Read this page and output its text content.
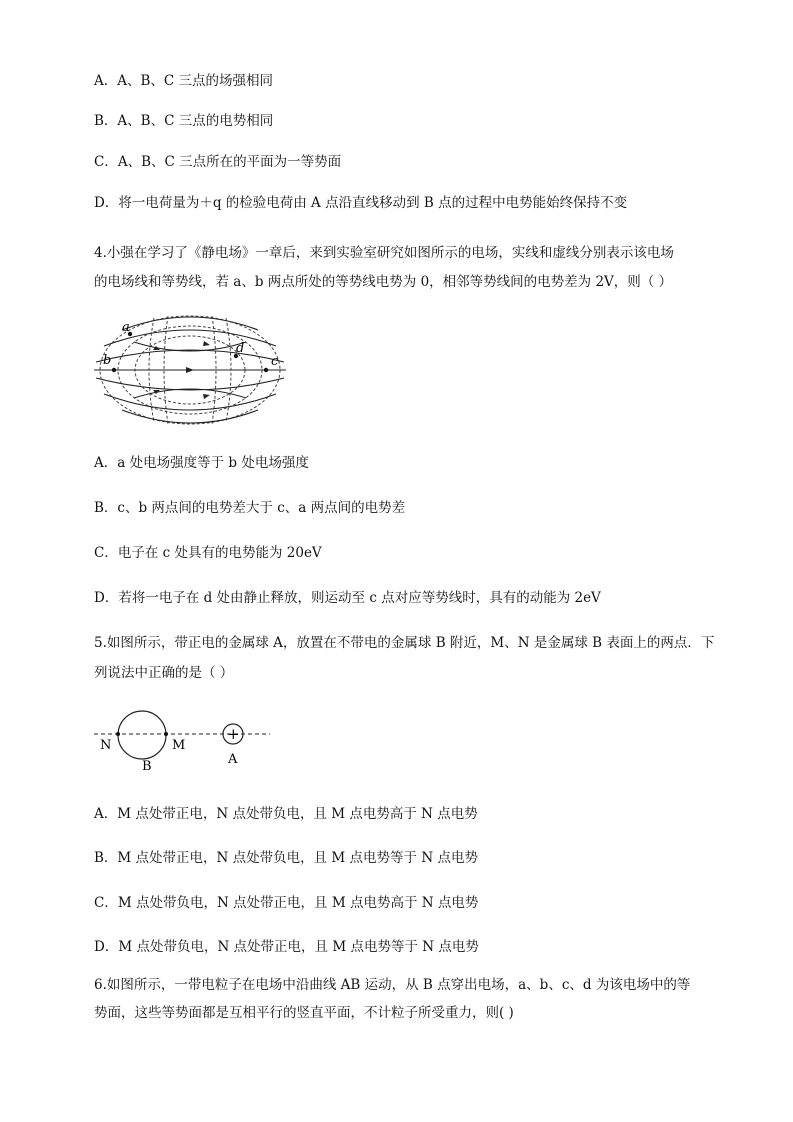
A．A、B、C 三点的场强相同
B．A、B、C 三点的电势相同
C．A、B、C 三点所在的平面为一等势面
D．将一电荷量为＋q 的检验电荷由 A 点沿直线移动到 B 点的过程中电势能始终保持不变
4.小强在学习了《静电场》一章后，来到实验室研究如图所示的电场，实线和虚线分别表示该电场
的电场线和等势线，若 a、b 两点所处的等势线电势为 0，相邻等势线间的电势差为 2V，则（ ）
a
b
d
c
A．a 处电场强度等于 b 处电场强度
B．c、b 两点间的电势差大于 c、a 两点间的电势差
C．电子在 c 处具有的电势能为 20eV
D．若将一电子在 d 处由静止释放，则运动至 c 点对应等势线时，具有的动能为 2eV
5.如图所示，带正电的金属球 A，放置在不带电的金属球 B 附近，M、N 是金属球 B 表面上的两点．下
列说法中正确的是（ ）
+
N	M
B	A
A．M 点处带正电，N 点处带负电，且 M 点电势高于 N 点电势
B．M 点处带正电，N 点处带负电，且 M 点电势等于 N 点电势
C．M 点处带负电，N 点处带正电，且 M 点电势高于 N 点电势
D．M 点处带负电，N 点处带正电，且 M 点电势等于 N 点电势
6.如图所示，一带电粒子在电场中沿曲线 AB 运动，从 B 点穿出电场，a、b、c、d 为该电场中的等
势面，这些等势面都是互相平行的竖直平面，不计粒子所受重力，则( )
